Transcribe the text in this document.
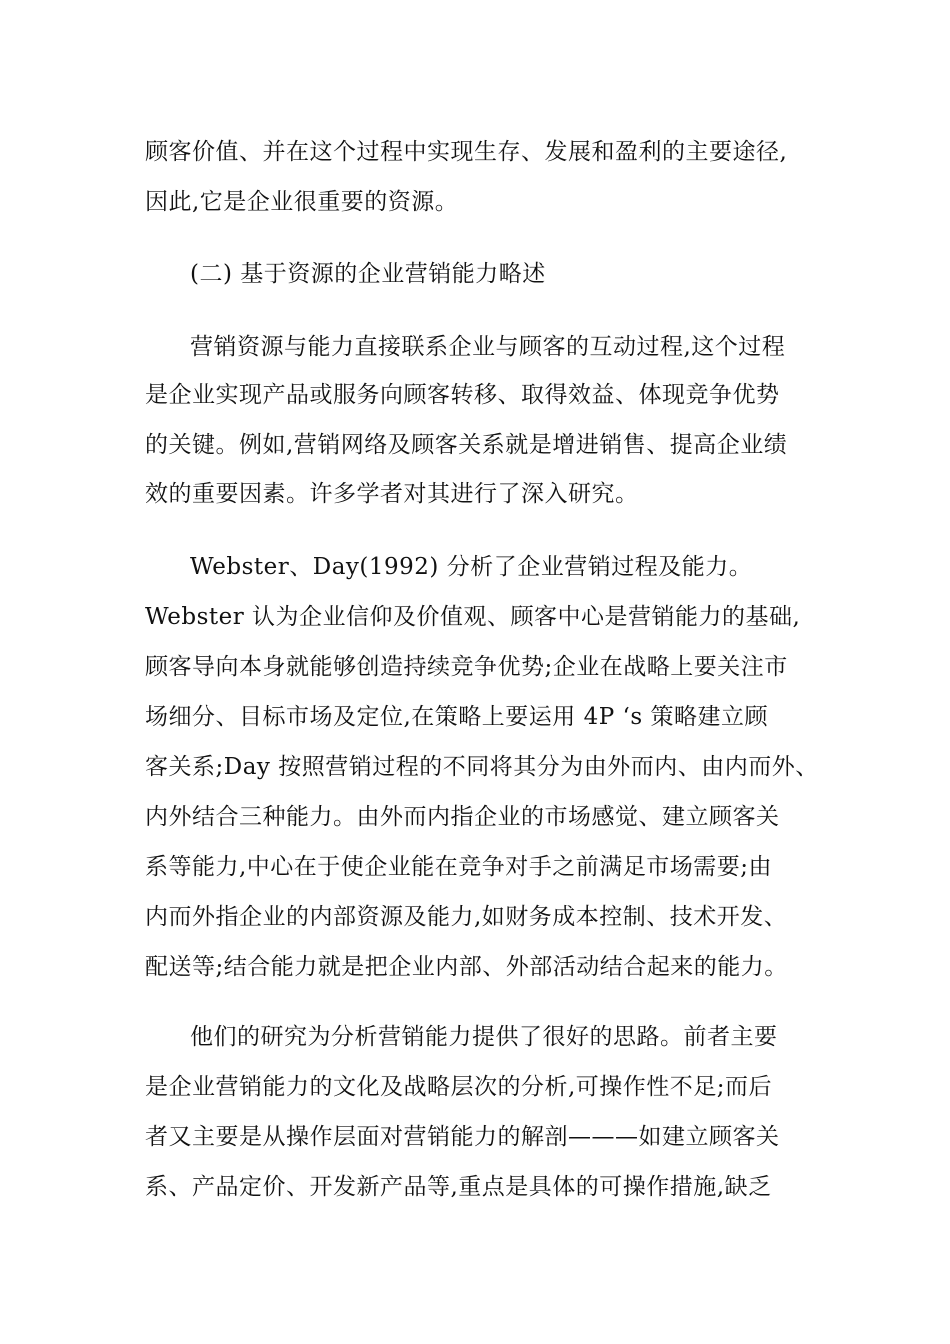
顾客价值、并在这个过程中实现生存、发展和盈利的主要途径,
因此,它是企业很重要的资源。
(二) 基于资源的企业营销能力略述
营销资源与能力直接联系企业与顾客的互动过程,这个过程
是企业实现产品或服务向顾客转移、取得效益、体现竞争优势
的关键。例如,营销网络及顾客关系就是增进销售、提高企业绩
效的重要因素。许多学者对其进行了深入研究。
Webster、Day(1992) 分析了企业营销过程及能力。
Webster 认为企业信仰及价值观、顾客中心是营销能力的基础,
顾客导向本身就能够创造持续竞争优势;企业在战略上要关注市
场细分、目标市场及定位,在策略上要运用 4P ‘s 策略建立顾
客关系;Day 按照营销过程的不同将其分为由外而内、由内而外、
内外结合三种能力。由外而内指企业的市场感觉、建立顾客关
系等能力,中心在于使企业能在竞争对手之前满足市场需要;由
内而外指企业的内部资源及能力,如财务成本控制、技术开发、
配送等;结合能力就是把企业内部、外部活动结合起来的能力。
他们的研究为分析营销能力提供了很好的思路。前者主要
是企业营销能力的文化及战略层次的分析,可操作性不足;而后
者又主要是从操作层面对营销能力的解剖———如建立顾客关
系、产品定价、开发新产品等,重点是具体的可操作措施,缺乏
